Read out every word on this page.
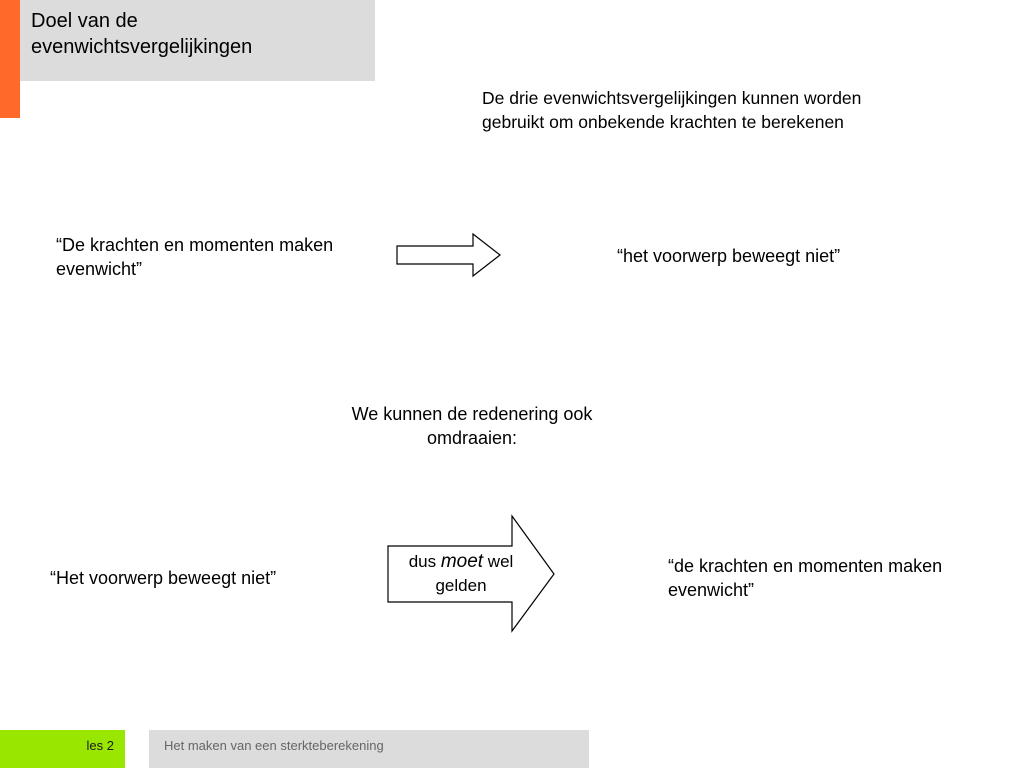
Doel van de evenwichtsvergelijkingen
De drie evenwichtsvergelijkingen kunnen worden gebruikt om onbekende krachten te berekenen
“De krachten en momenten maken evenwicht”
“het voorwerp beweegt niet”
We kunnen de redenering ook omdraaien:
“Het voorwerp beweegt niet”
dus moet wel gelden
“de krachten en momenten maken evenwicht”
les 2	Het maken van een sterkteberekening
